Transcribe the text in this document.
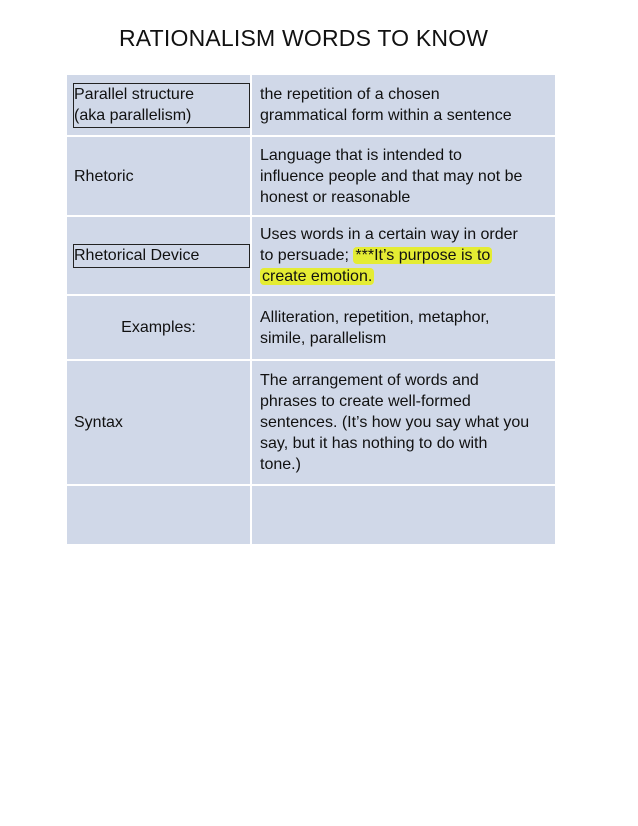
RATIONALISM WORDS TO KNOW
Parallel structure
(aka parallelism)
the repetition of a chosen
grammatical form within a sentence
Rhetoric
Language that is intended to
influence people and that may not be
honest or reasonable
Rhetorical Device
Uses words in a certain way in order
to persuade; ***It’s purpose is to
create emotion.
Examples:
Alliteration, repetition, metaphor,
simile, parallelism
Syntax
The arrangement of words and
phrases to create well-formed
sentences. (It’s how you say what you
say, but it has nothing to do with
tone.)
